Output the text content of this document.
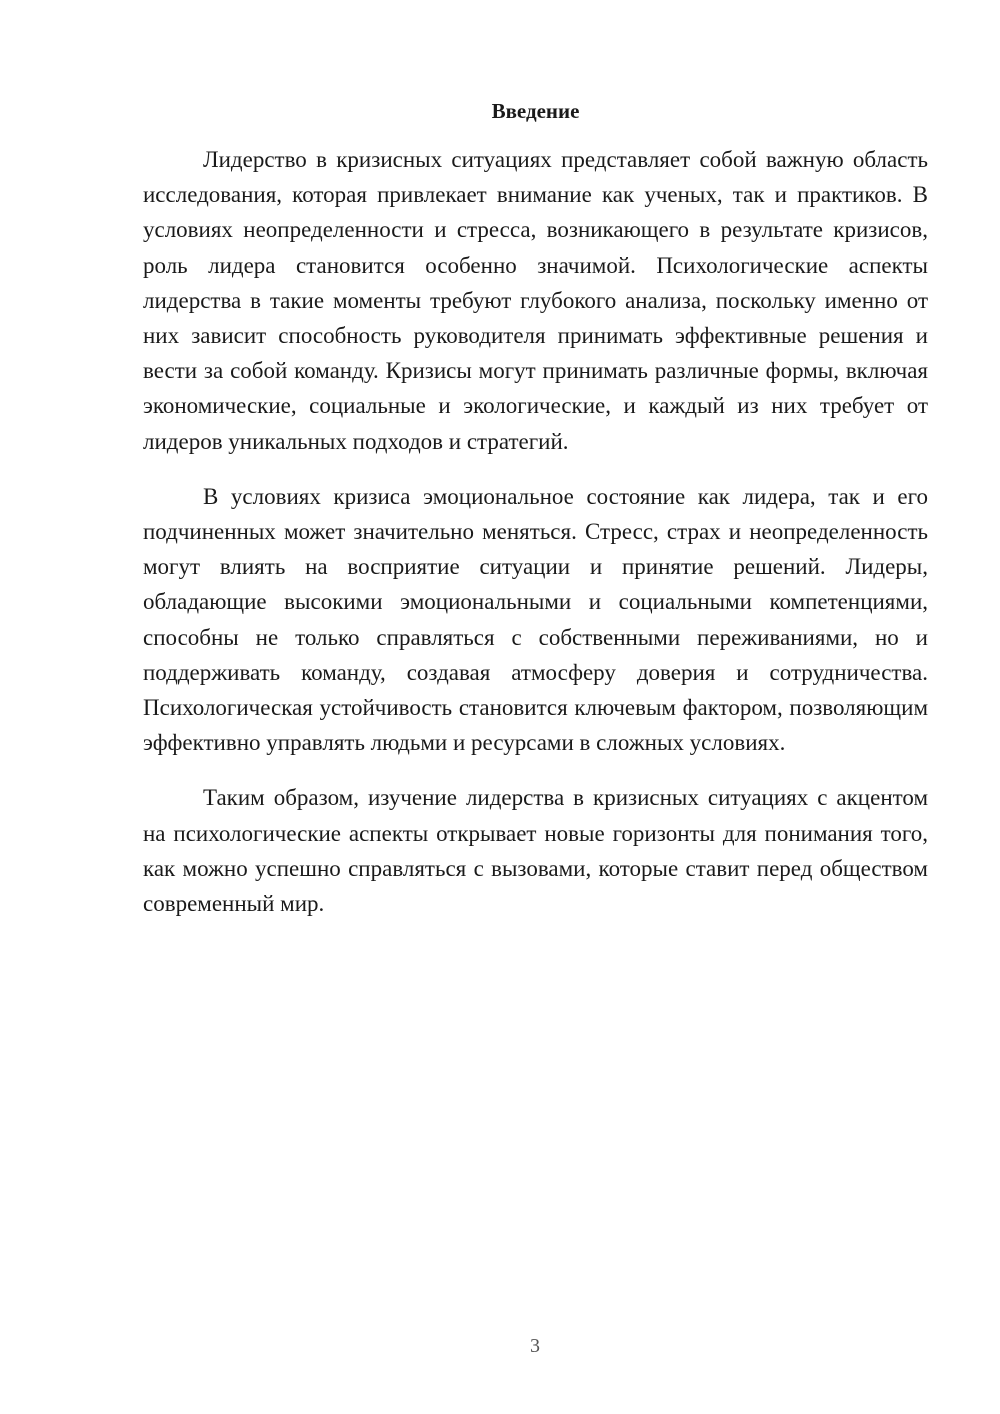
Введение

Лидерство в кризисных ситуациях представляет собой важную область исследования, которая привлекает внимание как ученых, так и практиков. В условиях неопределенности и стресса, возникающего в результате кризисов, роль лидера становится особенно значимой. Психологические аспекты лидерства в такие моменты требуют глубокого анализа, поскольку именно от них зависит способность руководителя принимать эффективные решения и вести за собой команду. Кризисы могут принимать различные формы, включая экономические, социальные и экологические, и каждый из них требует от лидеров уникальных подходов и стратегий.

В условиях кризиса эмоциональное состояние как лидера, так и его подчиненных может значительно меняться. Стресс, страх и неопределенность могут влиять на восприятие ситуации и принятие решений. Лидеры, обладающие высокими эмоциональными и социальными компетенциями, способны не только справляться с собственными переживаниями, но и поддерживать команду, создавая атмосферу доверия и сотрудничества. Психологическая устойчивость становится ключевым фактором, позволяющим эффективно управлять людьми и ресурсами в сложных условиях.

Таким образом, изучение лидерства в кризисных ситуациях с акцентом на психологические аспекты открывает новые горизонты для понимания того, как можно успешно справляться с вызовами, которые ставит перед обществом современный мир.

3
